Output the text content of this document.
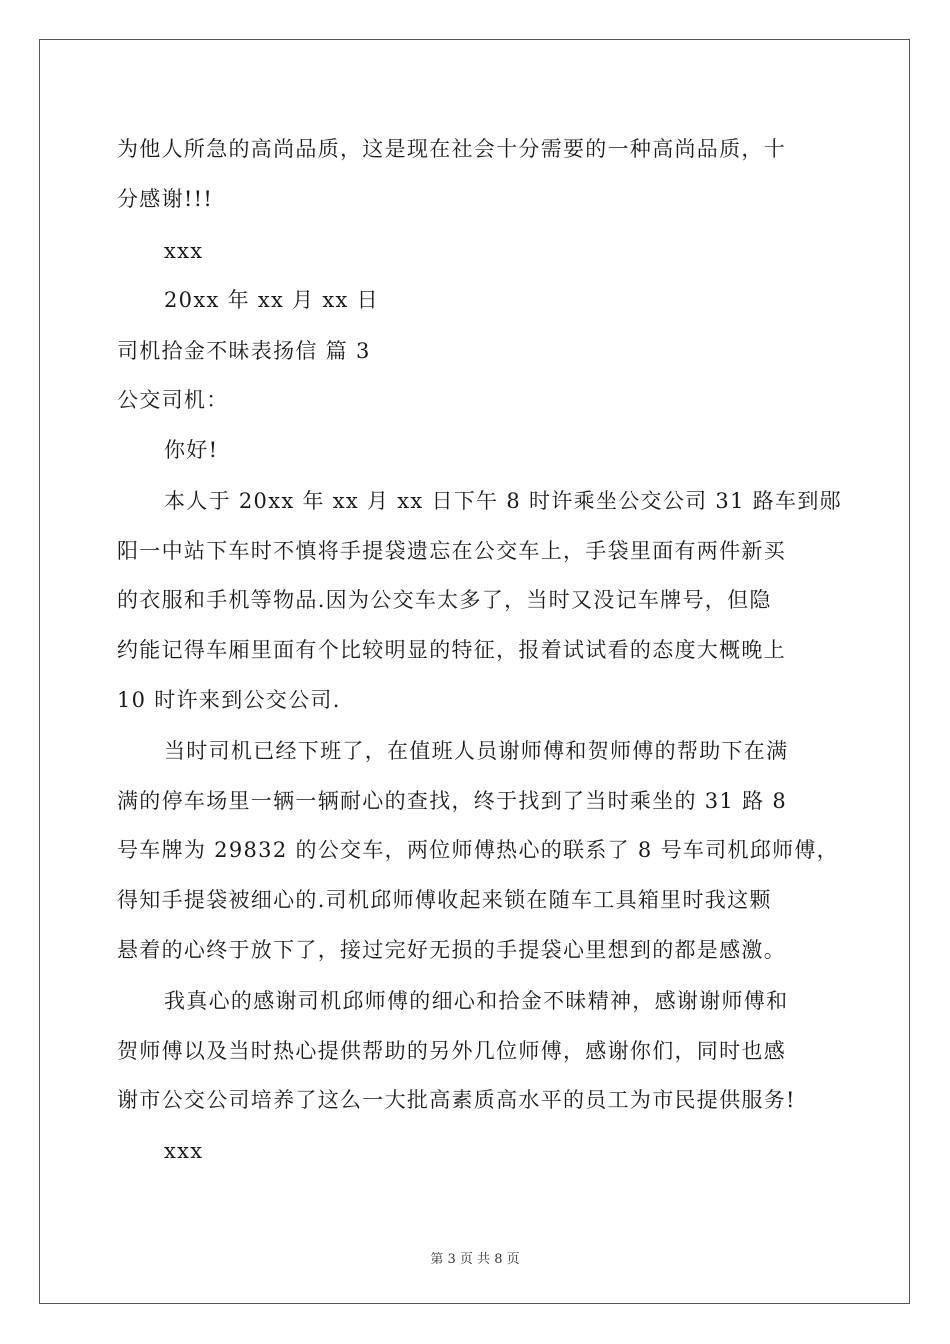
为他人所急的高尚品质，这是现在社会十分需要的一种高尚品质，十
分感谢!!!
xxx
20xx 年 xx 月 xx 日
司机拾金不昧表扬信 篇 3
公交司机：
你好!
本人于 20xx 年 xx 月 xx 日下午 8 时许乘坐公交公司 31 路车到郧
阳一中站下车时不慎将手提袋遗忘在公交车上，手袋里面有两件新买
的衣服和手机等物品.因为公交车太多了，当时又没记车牌号，但隐
约能记得车厢里面有个比较明显的特征，报着试试看的态度大概晚上
10 时许来到公交公司.
当时司机已经下班了，在值班人员谢师傅和贺师傅的帮助下在满
满的停车场里一辆一辆耐心的查找，终于找到了当时乘坐的 31 路 8
号车牌为 29832 的公交车，两位师傅热心的联系了 8 号车司机邱师傅，
得知手提袋被细心的.司机邱师傅收起来锁在随车工具箱里时我这颗
悬着的心终于放下了，接过完好无损的手提袋心里想到的都是感激。
我真心的感谢司机邱师傅的细心和拾金不昧精神，感谢谢师傅和
贺师傅以及当时热心提供帮助的另外几位师傅，感谢你们，同时也感
谢市公交公司培养了这么一大批高素质高水平的员工为市民提供服务!
xxx
第 3 页 共 8 页
